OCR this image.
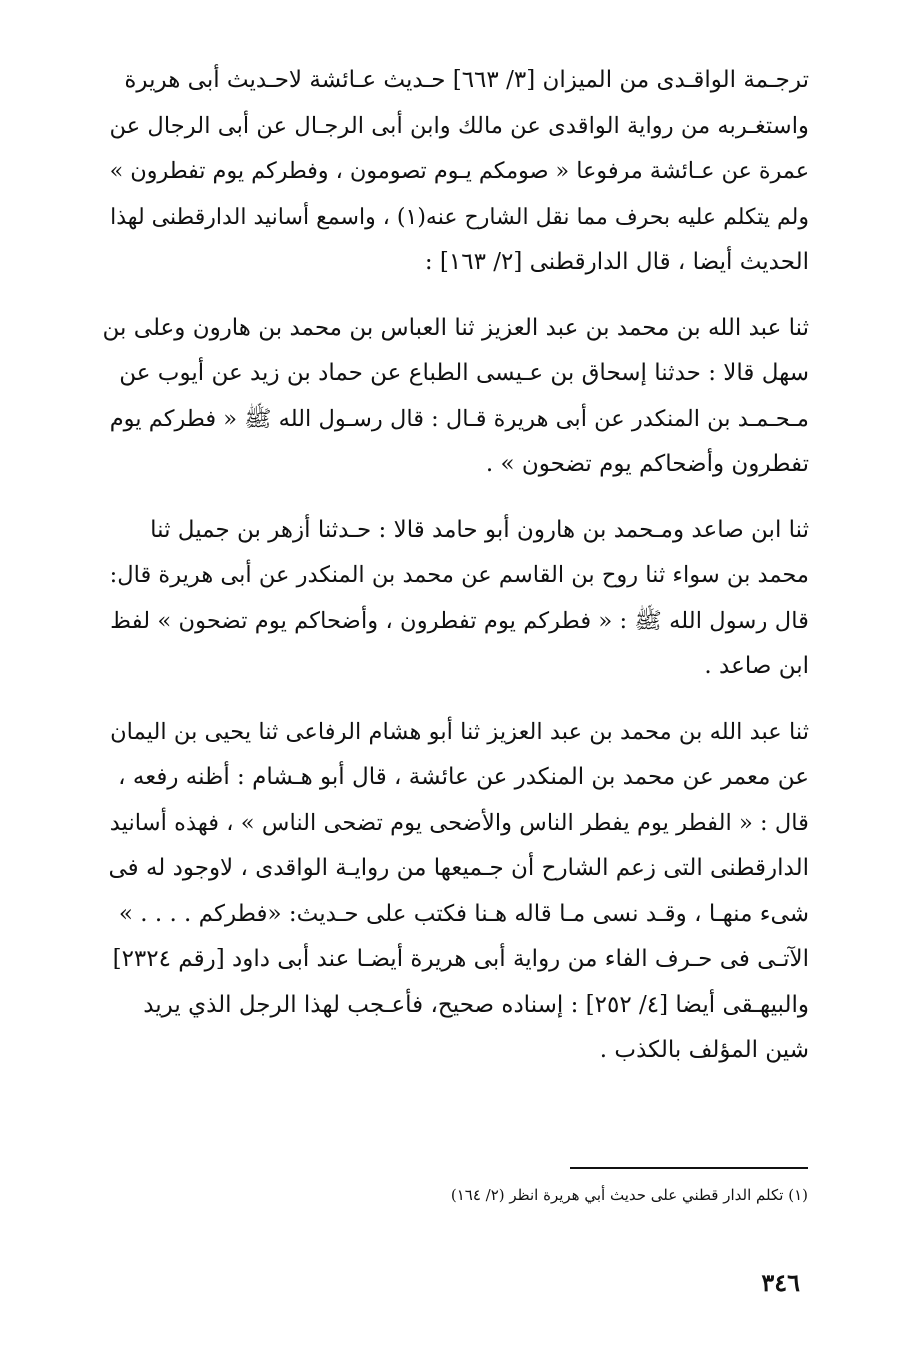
ترجـمة الواقـدى من الميزان [٣/ ٦٦٣] حـديث عـائشة لاحـديث أبى هريرة
واستغـربه من رواية الواقدى عن مالك وابن أبى الرجـال عن أبى الرجال عن
عمرة عن عـائشة مرفوعا « صومكم يـوم تصومون ، وفطركم يوم تفطرون »
ولم يتكلم عليه بحرف مما نقل الشارح عنه(١) ، واسمع أسانيد الدارقطنى لهذا
الحديث أيضا ، قال الدارقطنى [٢/ ١٦٣] :

ثنا عبد الله بن محمد بن عبد العزيز ثنا العباس بن محمد بن هارون وعلى بن
سهل قالا : حدثنا إسحاق بن عـيسى الطباع عن حماد بن زيد عن أيوب عن
مـحـمـد بن المنكدر عن أبى هريرة قـال : قال رسـول الله ﷺ « فطركم يوم
تفطرون وأضحاكم يوم تضحون » .

ثنا ابن صاعد ومـحمد بن هارون أبو حامد قالا : حـدثنا أزهر بن جميل ثنا
محمد بن سواء ثنا روح بن القاسم عن محمد بن المنكدر عن أبى هريرة قال:
قال رسول الله ﷺ : « فطركم يوم تفطرون ، وأضحاكم يوم تضحون » لفظ
ابن صاعد .

ثنا عبد الله بن محمد بن عبد العزيز ثنا أبو هشام الرفاعى ثنا يحيى بن اليمان
عن معمر عن محمد بن المنكدر عن عائشة ، قال أبو هـشام : أظنه رفعه ،
قال : « الفطر يوم يفطر الناس والأضحى يوم تضحى الناس » ، فهذه أسانيد
الدارقطنى التى زعم الشارح أن جـميعها من روايـة الواقدى ، لاوجود له فى
شىء منهـا ، وقـد نسى مـا قاله هـنا فكتب على حـديث: «فطركم . . . . »
الآتـى فى حـرف الفاء من رواية أبى هريرة أيضـا عند أبى داود [رقم ٢٣٢٤]
والبيهـقى أيضا [٤/ ٢٥٢] : إسناده صحيح، فأعـجب لهذا الرجل الذي يريد
شين المؤلف بالكذب .

(١) تكلم الدار قطني على حديث أبي هريرة انظر (٢/ ١٦٤)
٣٤٦
